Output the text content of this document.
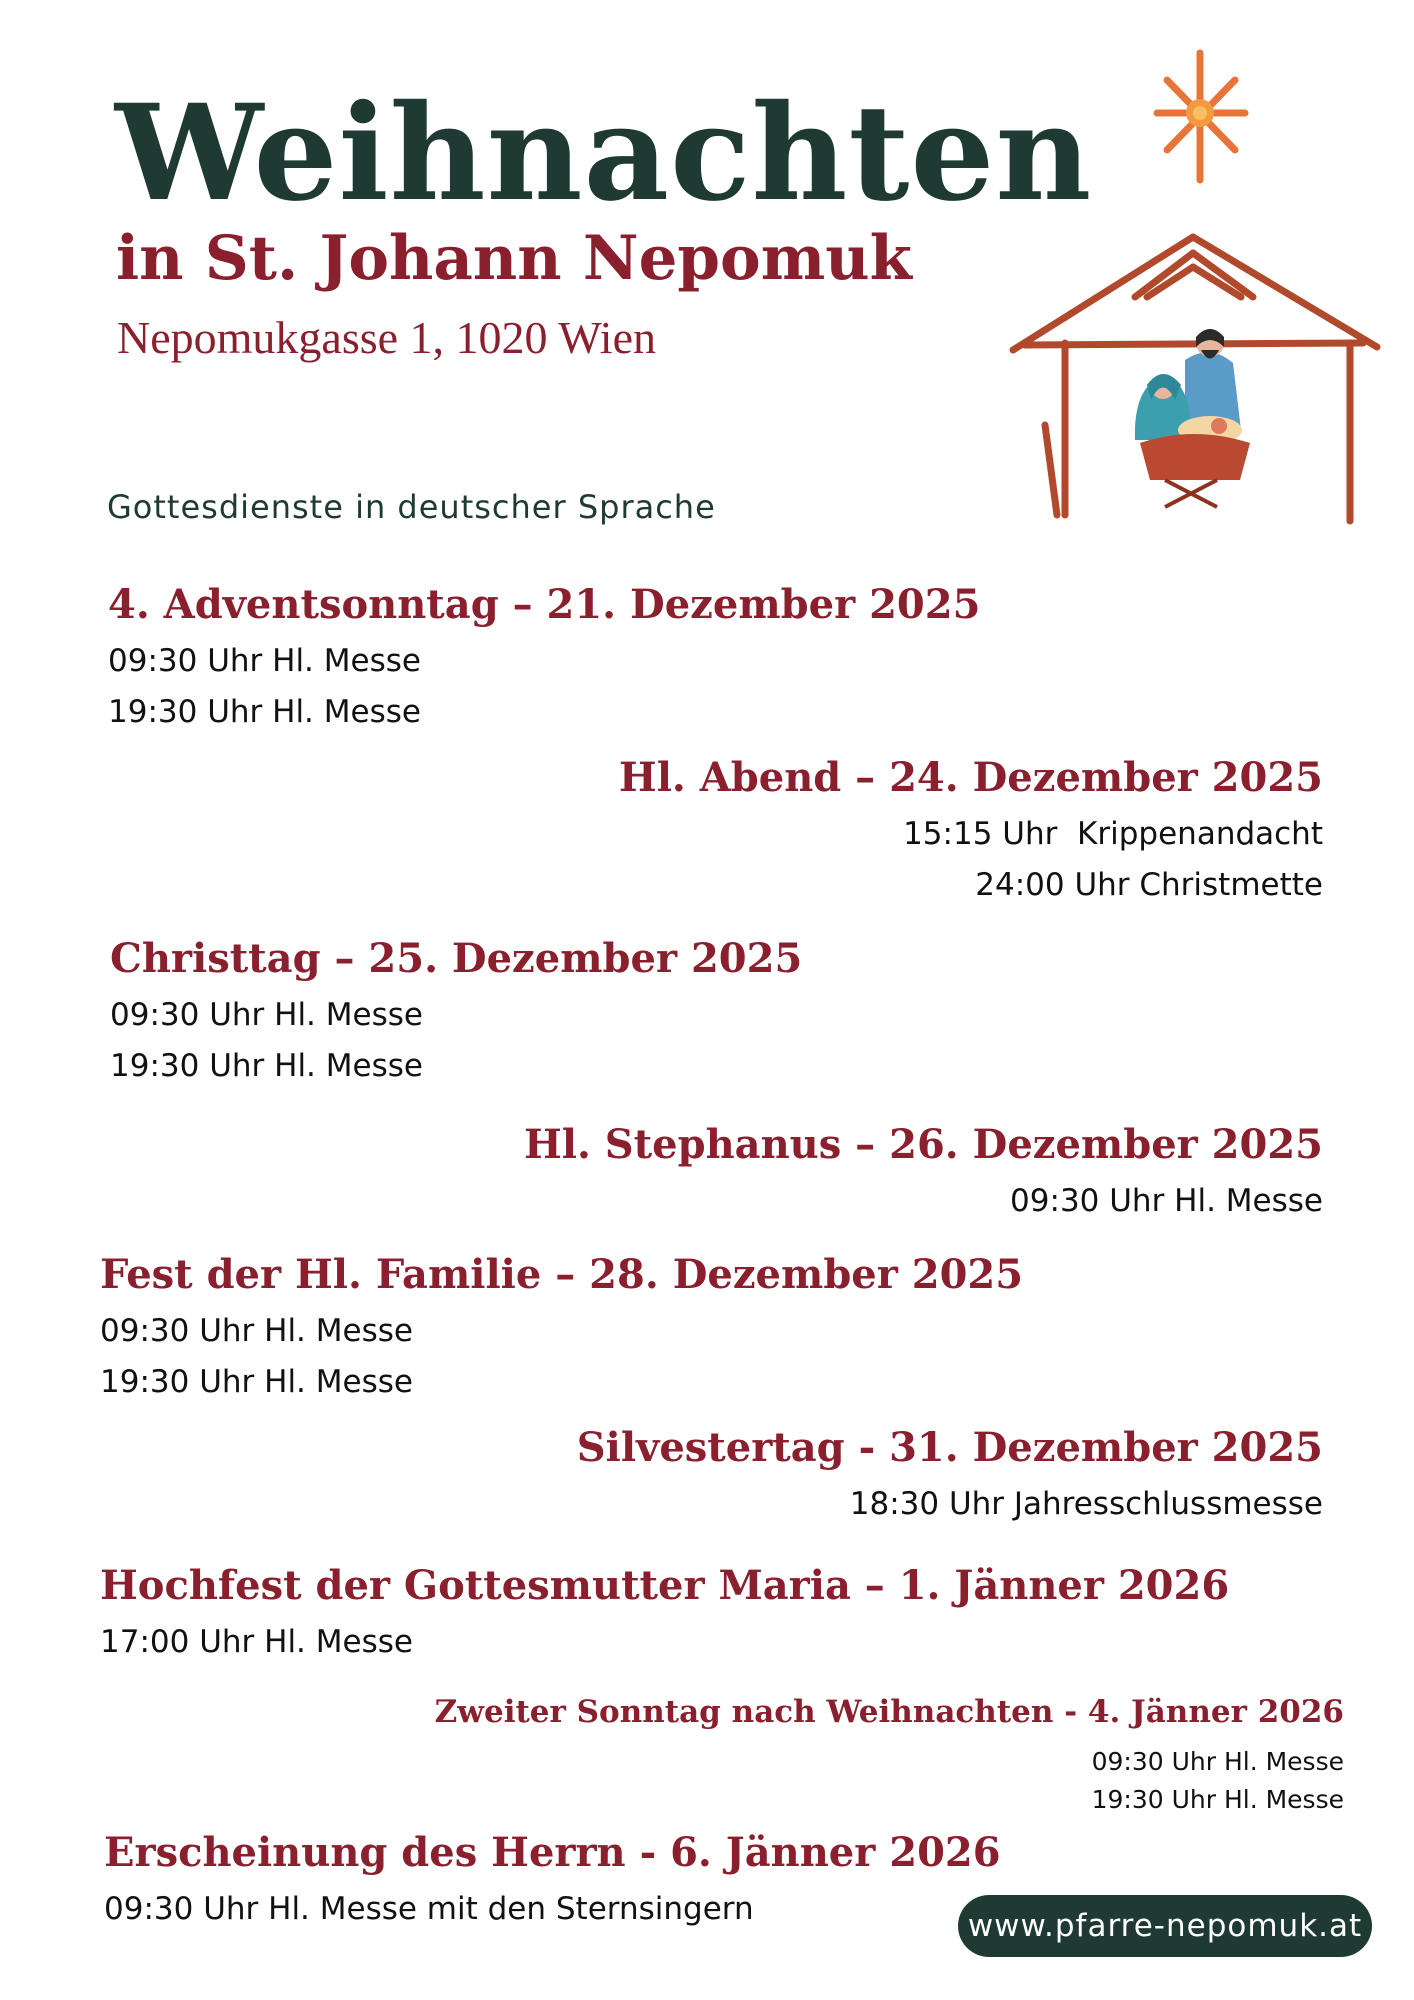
Weihnachten
in St. Johann Nepomuk
Nepomukgasse 1, 1020 Wien
Gottesdienste in deutscher Sprache
4. Adventsonntag – 21. Dezember 2025
09:30 Uhr Hl. Messe
19:30 Uhr Hl. Messe
Hl. Abend – 24. Dezember 2025
15:15 Uhr  Krippenandacht
24:00 Uhr Christmette
Christtag – 25. Dezember 2025
09:30 Uhr Hl. Messe
19:30 Uhr Hl. Messe
Hl. Stephanus – 26. Dezember 2025
09:30 Uhr Hl. Messe
Fest der Hl. Familie – 28. Dezember 2025
09:30 Uhr Hl. Messe
19:30 Uhr Hl. Messe
Silvestertag - 31. Dezember 2025
18:30 Uhr Jahresschlussmesse
Hochfest der Gottesmutter Maria – 1. Jänner 2026
17:00 Uhr Hl. Messe
Zweiter Sonntag nach Weihnachten - 4. Jänner 2026
09:30 Uhr Hl. Messe
19:30 Uhr Hl. Messe
Erscheinung des Herrn - 6. Jänner 2026
09:30 Uhr Hl. Messe mit den Sternsingern	www.pfarre-nepomuk.at
